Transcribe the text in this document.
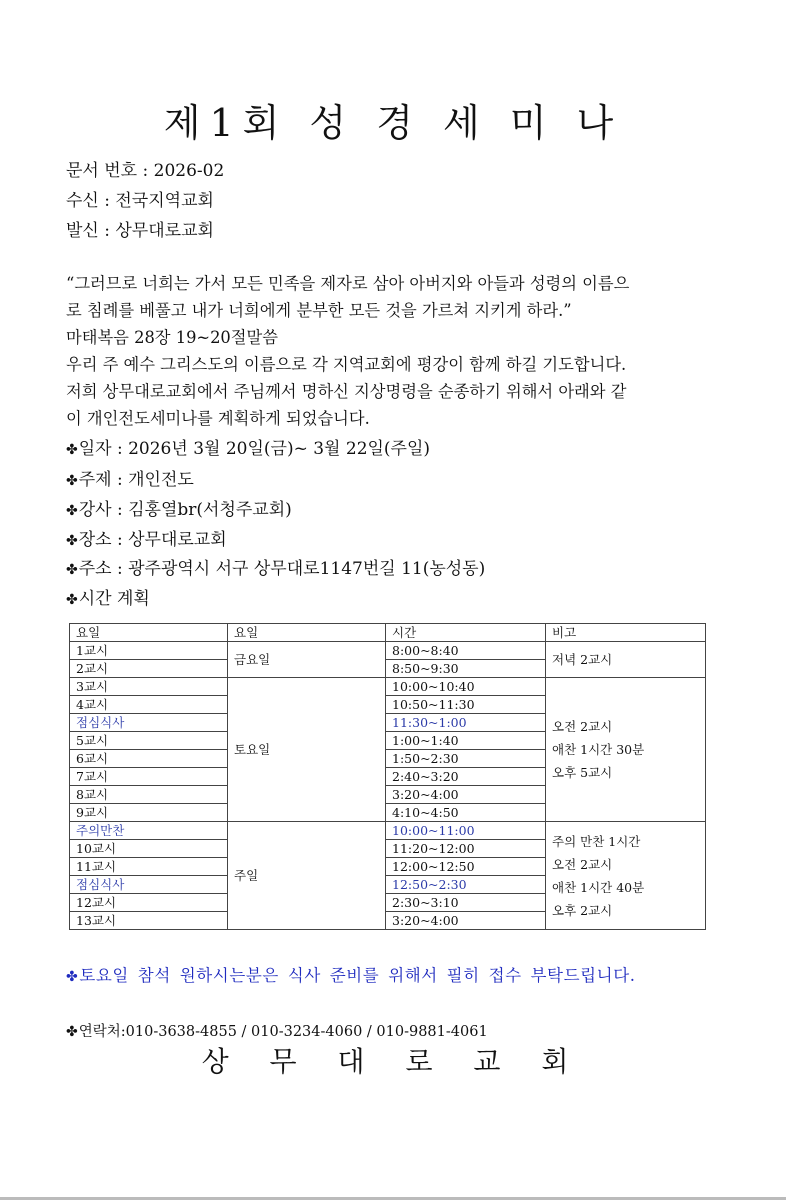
제1회 성 경 세 미 나
문서 번호 : 2026-02
수신 : 전국지역교회
발신 : 상무대로교회

“그러므로 너희는 가서 모든 민족을 제자로 삼아 아버지와 아들과 성령의 이름으

로 침례를 베풀고 내가 너희에게 분부한 모든 것을 가르쳐 지키게 하라.”

마태복음 28장 19~20절말씀

우리 주 예수 그리스도의 이름으로 각 지역교회에 평강이 함께 하길 기도합니다.

저희 상무대로교회에서 주님께서 명하신 지상명령을 순종하기 위해서 아래와 같

이 개인전도세미나를 계획하게 되었습니다.

✤일자 : 2026년 3월 20일(금)~ 3월 22일(주일)
✤주제 : 개인전도
✤강사 : 김홍열br(서청주교회)
✤장소 : 상무대로교회
✤주소 : 광주광역시 서구 상무대로1147번길 11(농성동)
✤시간 계획
요일	요일	시간	비고
1교시	금요일	8:00~8:40	저녁 2교시

2교시		8:50~9:30	
3교시	토요일	10:00~10:40	오전 2교시
애찬 1시간 30분
오후 5교시

4교시		10:50~11:30	
점심식사		11:30~1:00	
5교시		1:00~1:40	
6교시		1:50~2:30	
7교시		2:40~3:20	
8교시		3:20~4:00	
9교시		4:10~4:50	
주의만찬	주일	10:00~11:00	주의 만찬 1시간
오전 2교시
애찬 1시간 40분
오후 2교시

10교시		11:20~12:00	
11교시		12:00~12:50	
점심식사		12:50~2:30	
12교시		2:30~3:10	
13교시		3:20~4:00	
✤토요일 참석 원하시는분은 식사 준비를 위해서 필히 접수 부탁드립니다.
✤연락처:010-3638-4855 / 010-3234-4060 / 010-9881-4061
상 무 대 로 교 회
